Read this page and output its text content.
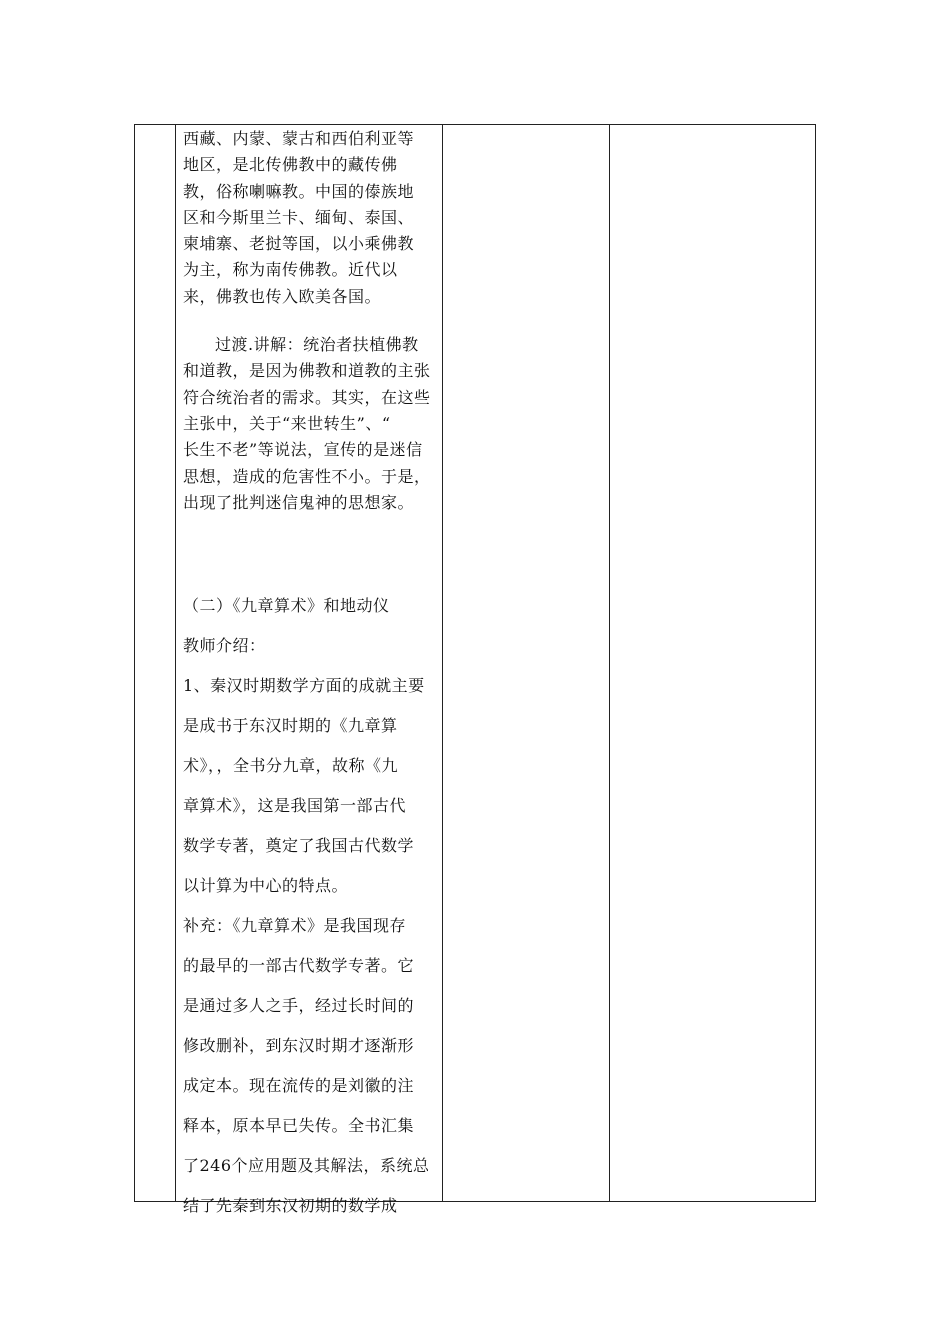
西藏、内蒙、蒙古和西伯利亚等

地区，是北传佛教中的藏传佛

教，俗称喇嘛教。中国的傣族地

区和今斯里兰卡、缅甸、泰国、

柬埔寨、老挝等国，以小乘佛教

为主，称为南传佛教。近代以

来，佛教也传入欧美各国。

过渡.讲解：统治者扶植佛教

和道教，是因为佛教和道教的主张

符合统治者的需求。其实，在这些

主张中，关于“来世转生”、“

长生不老”等说法，宣传的是迷信

思想，造成的危害性不小。于是，

出现了批判迷信鬼神的思想家。

（二）《九章算术》和地动仪

教师介绍：

1、秦汉时期数学方面的成就主要

是成书于东汉时期的《九章算

术》，，全书分九章，故称《九

章算术》，这是我国第一部古代

数学专著，奠定了我国古代数学

以计算为中心的特点。

补充：《九章算术》是我国现存

的最早的一部古代数学专著。它

是通过多人之手，经过长时间的

修改删补，到东汉时期才逐渐形

成定本。现在流传的是刘徽的注

释本，原本早已失传。全书汇集

了246个应用题及其解法，系统总

结了先秦到东汉初期的数学成
